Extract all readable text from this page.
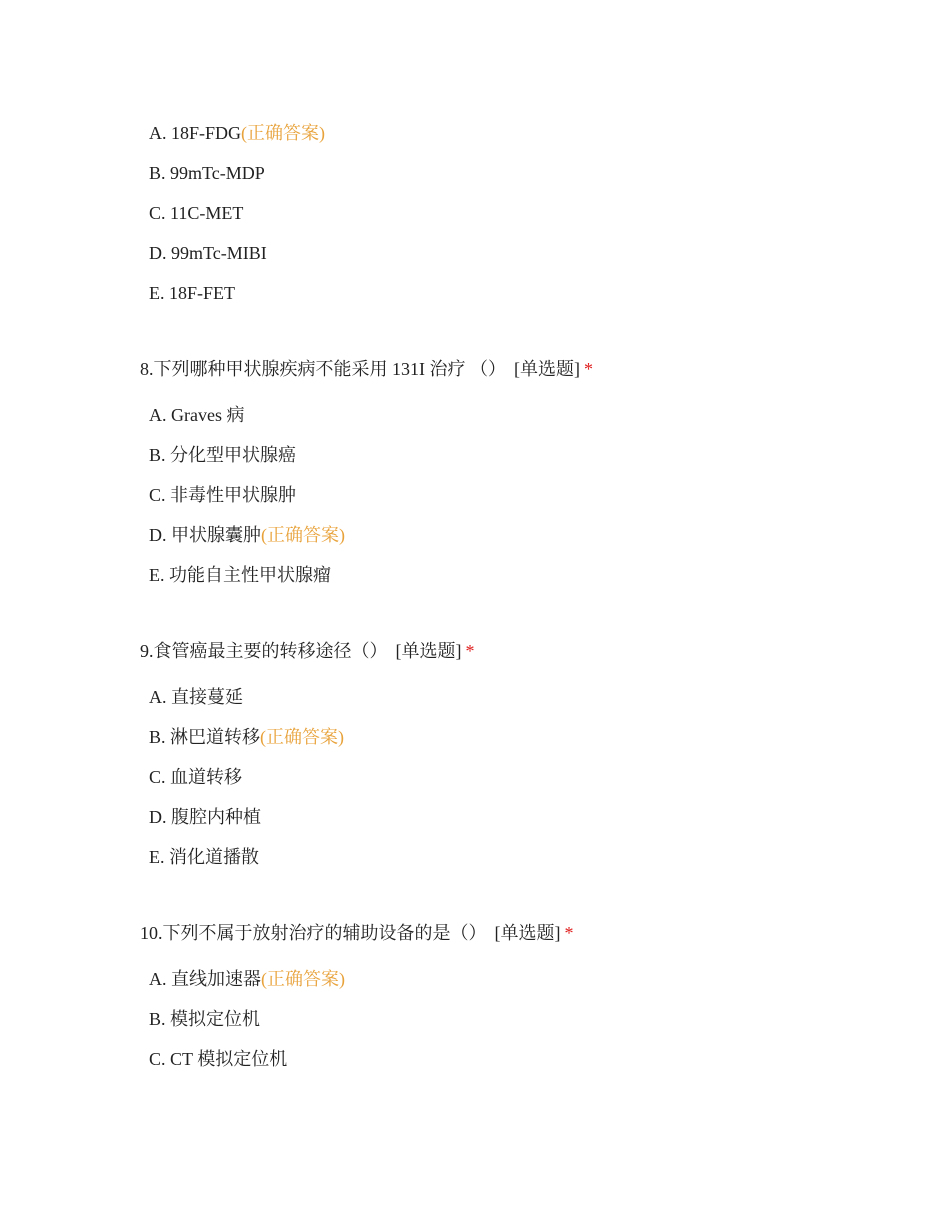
A. 18F-FDG(正确答案)
B. 99mTc-MDP
C. 11C-MET
D. 99mTc-MIBI
E. 18F-FET
8.下列哪种甲状腺疾病不能采用 131I 治疗 （） [单选题] *
A. Graves 病
B. 分化型甲状腺癌
C. 非毒性甲状腺肿
D. 甲状腺囊肿(正确答案)
E. 功能自主性甲状腺瘤
9.食管癌最主要的转移途径（） [单选题] *
A. 直接蔓延
B. 淋巴道转移(正确答案)
C. 血道转移
D. 腹腔内种植
E. 消化道播散
10.下列不属于放射治疗的辅助设备的是（） [单选题] *
A. 直线加速器(正确答案)
B. 模拟定位机
C. CT 模拟定位机
